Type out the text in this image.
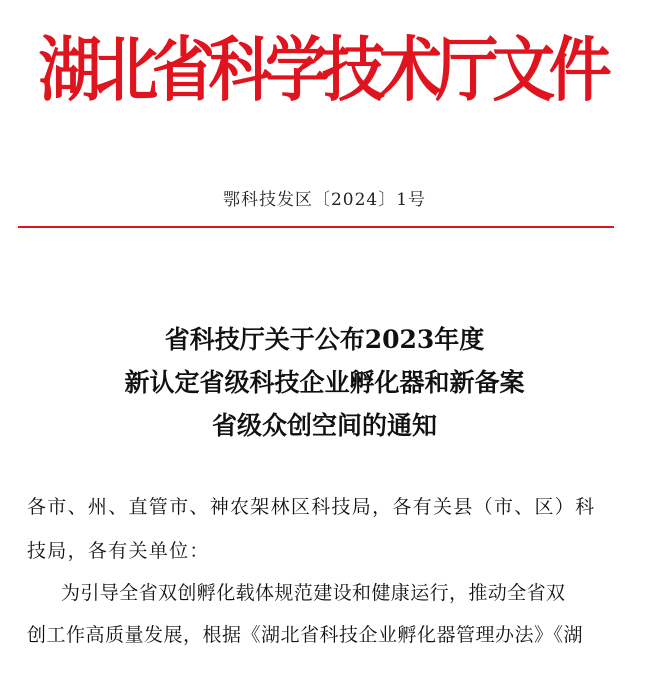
湖北省科学技术厅文件
鄂科技发区〔2024〕1号
省科技厅关于公布2023年度
新认定省级科技企业孵化器和新备案
省级众创空间的通知
各市、州、直管市、神农架林区科技局，各有关县（市、区）科
技局，各有关单位：
为引导全省双创孵化载体规范建设和健康运行，推动全省双
创工作高质量发展，根据《湖北省科技企业孵化器管理办法》《湖
